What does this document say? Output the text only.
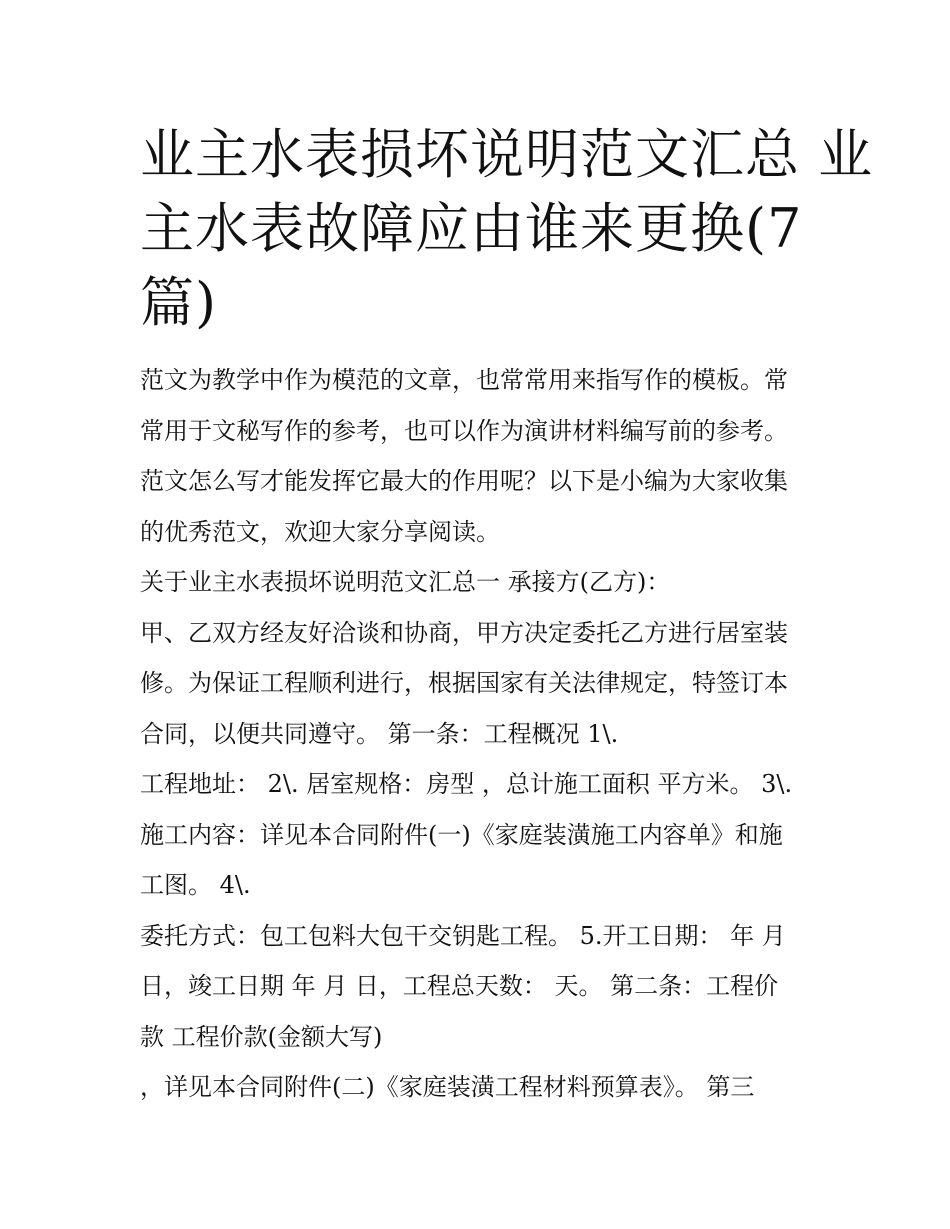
业主水表损坏说明范文汇总 业
主水表故障应由谁来更换(7
篇)
范文为教学中作为模范的文章，也常常用来指写作的模板。常
常用于文秘写作的参考，也可以作为演讲材料编写前的参考。
范文怎么写才能发挥它最大的作用呢？以下是小编为大家收集
的优秀范文，欢迎大家分享阅读。
关于业主水表损坏说明范文汇总一 承接方(乙方)：
甲、乙双方经友好洽谈和协商，甲方决定委托乙方进行居室装
修。为保证工程顺利进行，根据国家有关法律规定，特签订本
合同，以便共同遵守。 第一条：工程概况 1\.
工程地址： 2\. 居室规格：房型 ，总计施工面积 平方米。 3\.
施工内容：详见本合同附件(一)《家庭装潢施工内容单》和施
工图。 4\.
委托方式：包工包料大包干交钥匙工程。 5.开工日期： 年 月
日，竣工日期 年 月 日，工程总天数： 天。 第二条：工程价
款 工程价款(金额大写)
，详见本合同附件(二)《家庭装潢工程材料预算表》。 第三
